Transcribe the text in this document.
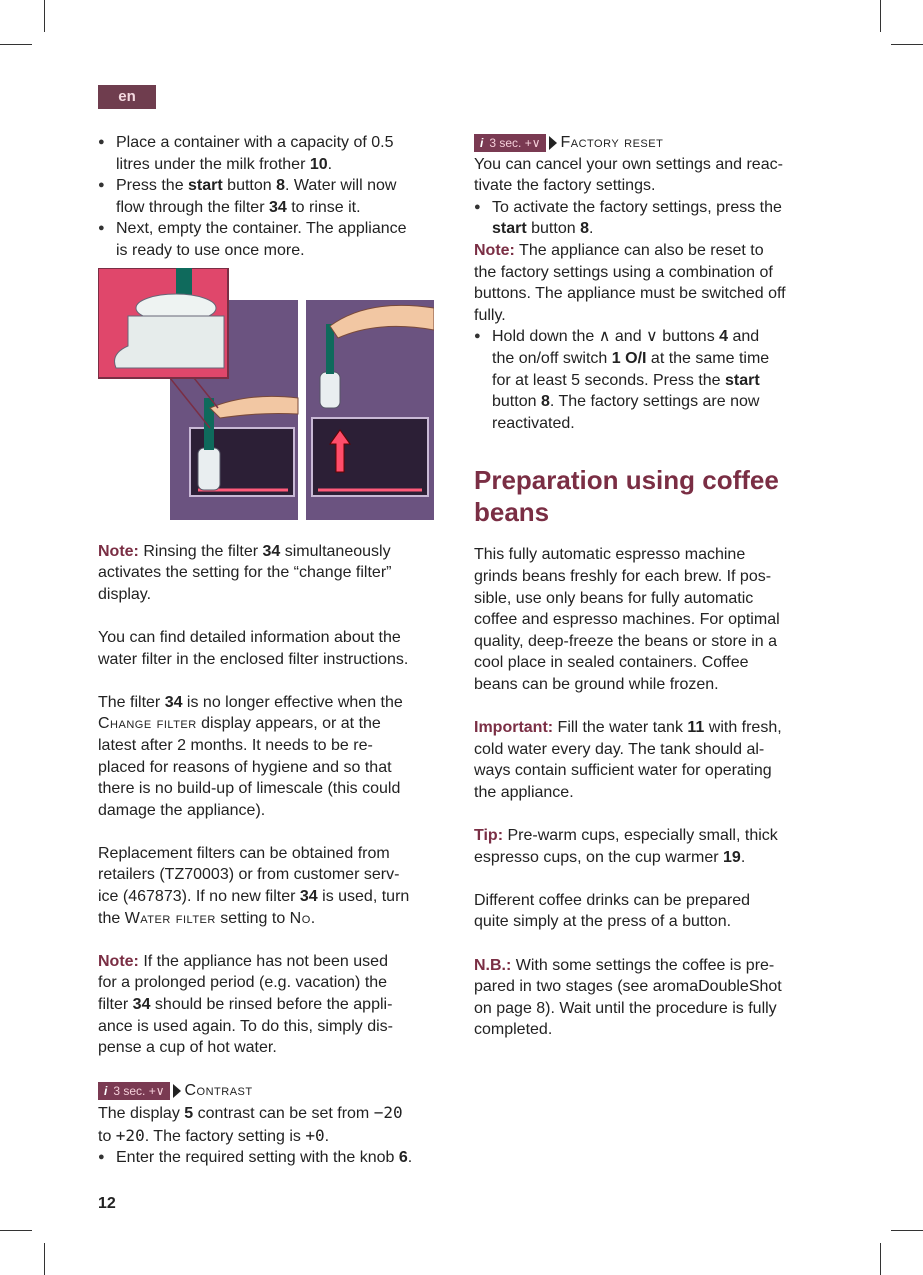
en

● Place a container with a capacity of 0.5
litres under the milk frother 10.

● Press the start button 8. Water will now
flow through the filter 34 to rinse it.

● Next, empty the container. The appliance
is ready to use once more.

Note: Rinsing the filter 34 simultaneously
activates the setting for the “change filter”
display.

You can find detailed information about the
water filter in the enclosed filter instructions.

The filter 34 is no longer effective when the
Change filter display appears, or at the
latest after 2 months. It needs to be re-
placed for reasons of hygiene and so that
there is no build-up of limescale (this could
damage the appliance).

Replacement filters can be obtained from
retailers (TZ70003) or from customer serv-
ice (467873). If no new filter 34 is used, turn
the Water filter setting to No.

Note: If the appliance has not been used
for a prolonged period (e.g. vacation) the
filter 34 should be rinsed before the appli-
ance is used again. To do this, simply dis-
pense a cup of hot water.

i 3 sec. +∨ Contrast

The display 5 contrast can be set from −20
to +20. The factory setting is +0.

● Enter the required setting with the knob 6.

i 3 sec. +∨ Factory reset

You can cancel your own settings and reac-
tivate the factory settings.

● To activate the factory settings, press the
start button 8.

Note: The appliance can also be reset to
the factory settings using a combination of
buttons. The appliance must be switched off
fully.

● Hold down the ∧ and ∨ buttons 4 and
the on/off switch 1 O/I at the same time
for at least 5 seconds. Press the start
button 8. The factory settings are now
reactivated.

Preparation using coffee
beans

This fully automatic espresso machine
grinds beans freshly for each brew. If pos-
sible, use only beans for fully automatic
coffee and espresso machines. For optimal
quality, deep-freeze the beans or store in a
cool place in sealed containers. Coffee
beans can be ground while frozen.

Important: Fill the water tank 11 with fresh,
cold water every day. The tank should al-
ways contain sufficient water for operating
the appliance.

Tip: Pre-warm cups, especially small, thick
espresso cups, on the cup warmer 19.

Different coffee drinks can be prepared
quite simply at the press of a button.

N.B.: With some settings the coffee is pre-
pared in two stages (see aromaDoubleShot
on page 8). Wait until the procedure is fully
completed.

12
